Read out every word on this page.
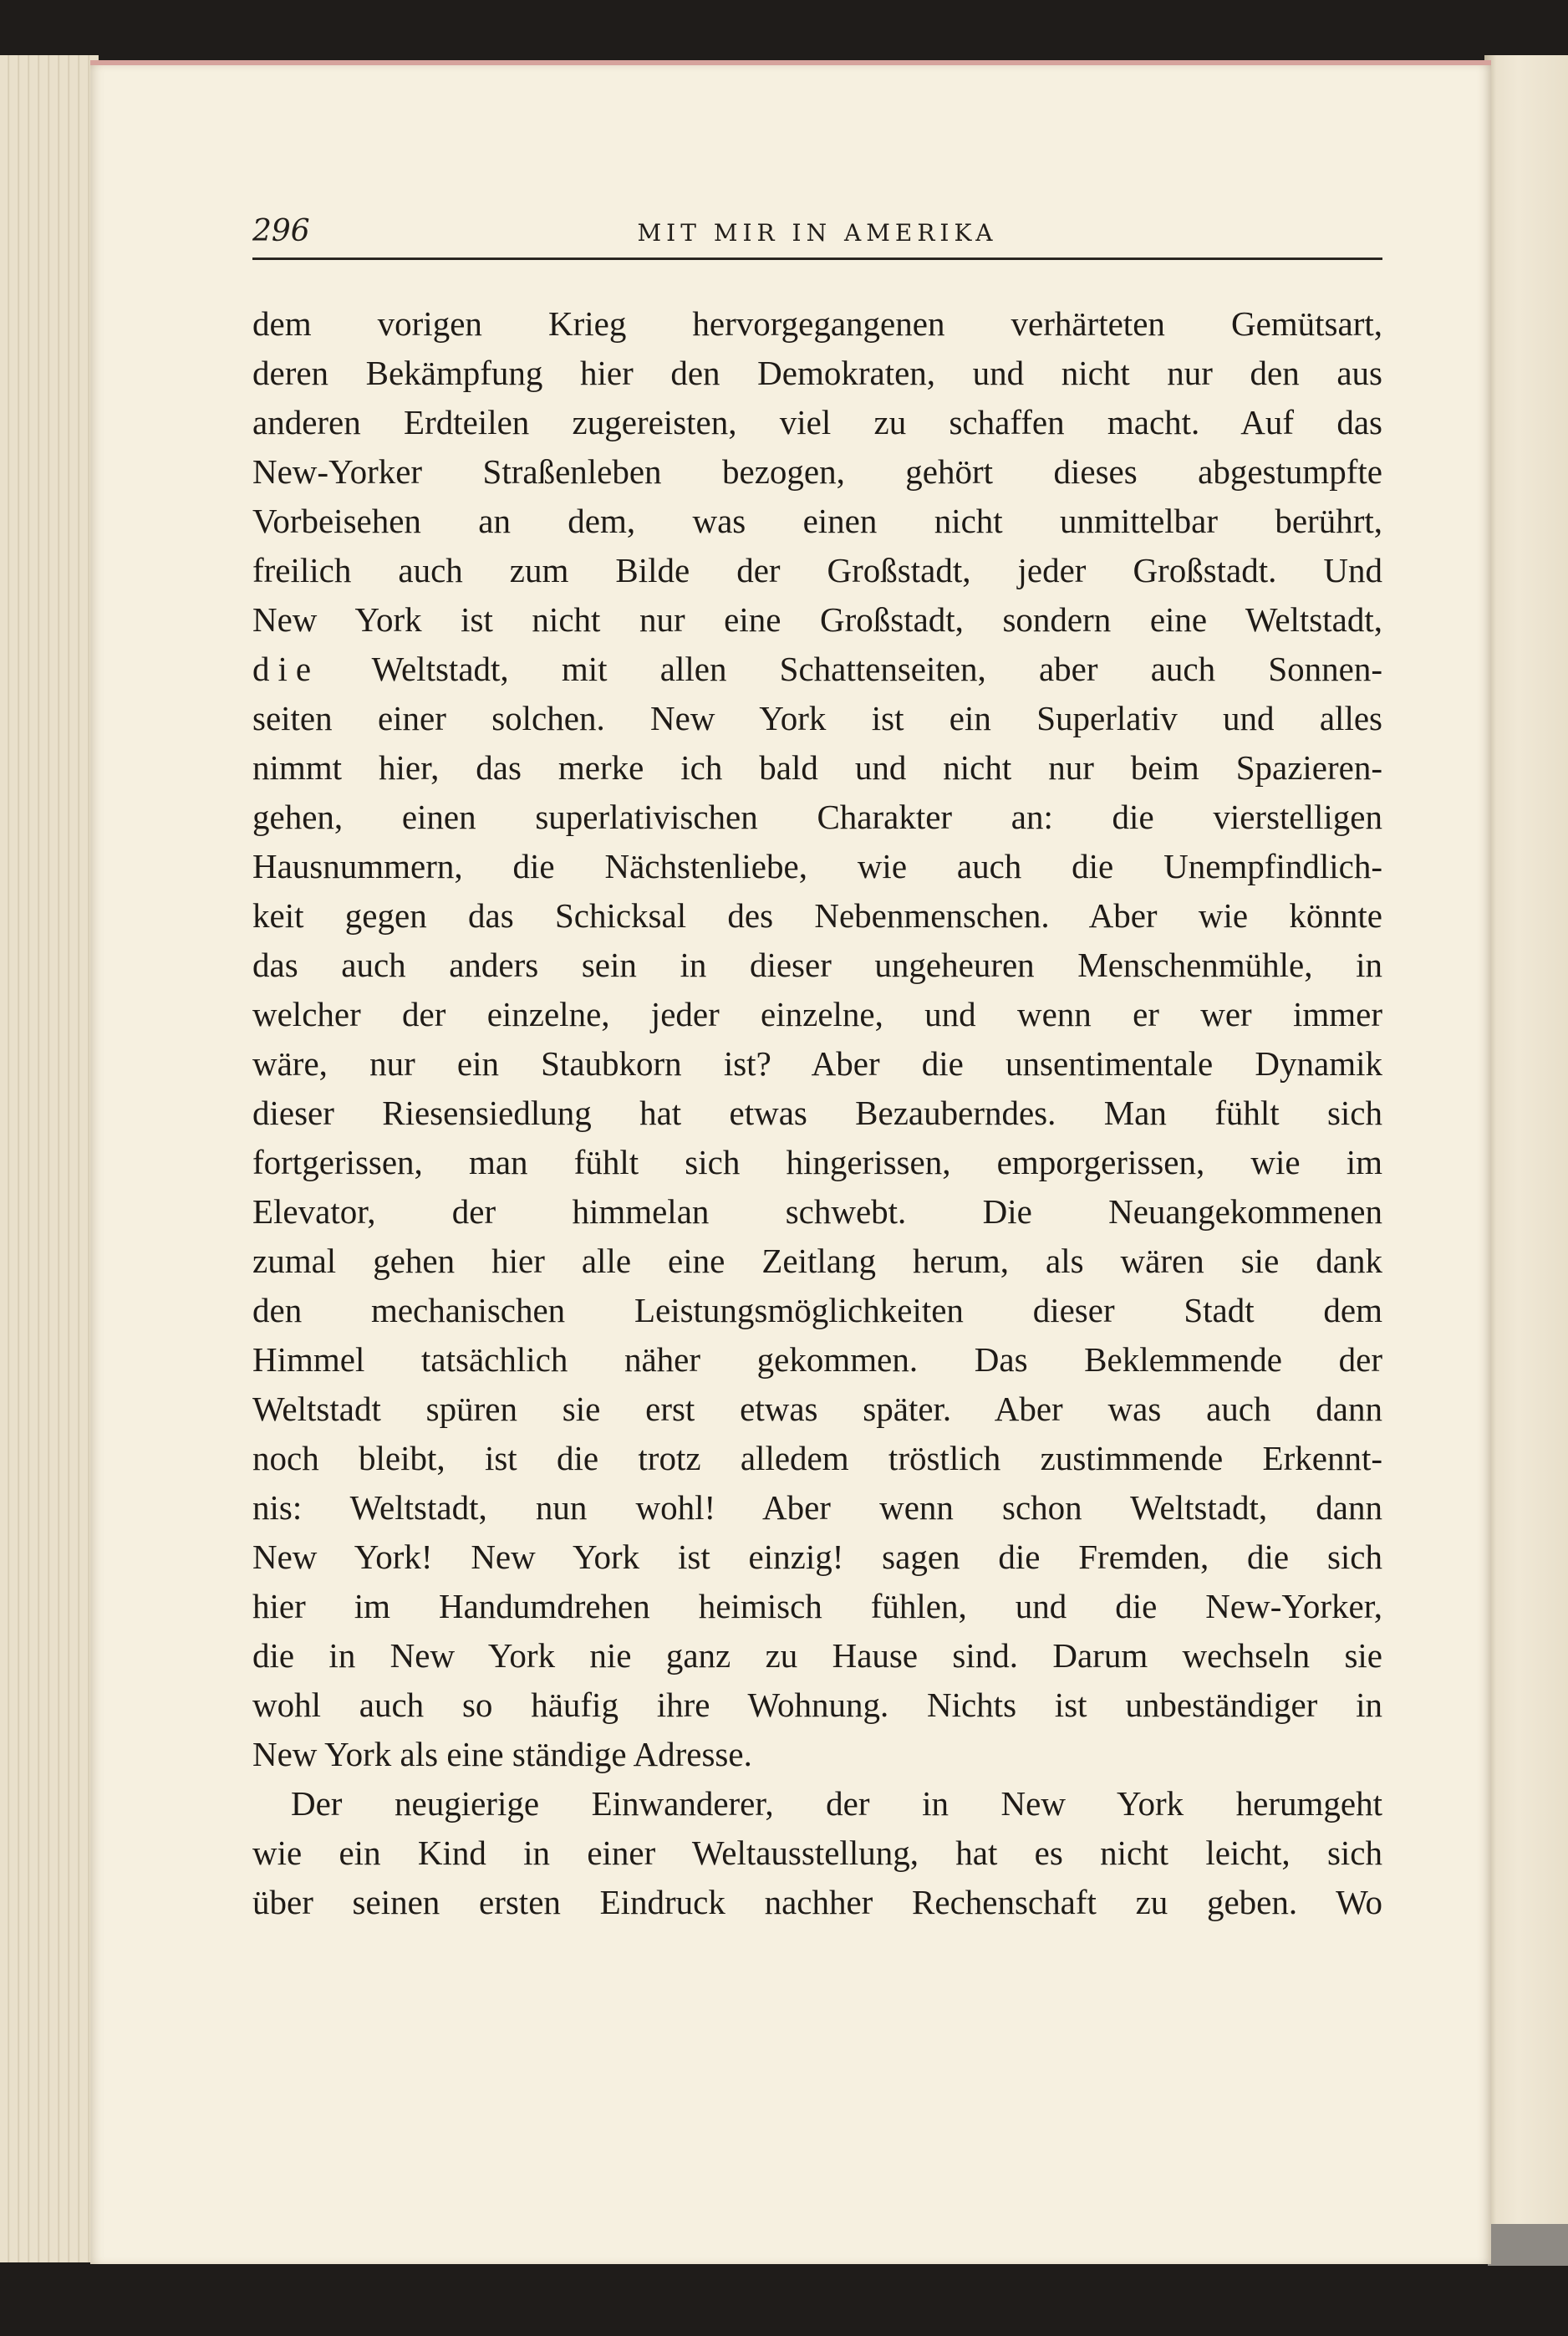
296	MIT MIR IN AMERIKA
dem vorigen Krieg hervorgegangenen verhärteten Gemütsart,
deren Bekämpfung hier den Demokraten, und nicht nur den aus
anderen Erdteilen zugereisten, viel zu schaffen macht. Auf das
New-Yorker Straßenleben bezogen, gehört dieses abgestumpfte
Vorbeisehen an dem, was einen nicht unmittelbar berührt,
freilich auch zum Bilde der Großstadt, jeder Großstadt. Und
New York ist nicht nur eine Großstadt, sondern eine Weltstadt,
die Weltstadt, mit allen Schattenseiten, aber auch Sonnen-
seiten einer solchen. New York ist ein Superlativ und alles
nimmt hier, das merke ich bald und nicht nur beim Spazieren-
gehen, einen superlativischen Charakter an: die vierstelligen
Hausnummern, die Nächstenliebe, wie auch die Unempfindlich-
keit gegen das Schicksal des Nebenmenschen. Aber wie könnte
das auch anders sein in dieser ungeheuren Menschenmühle, in
welcher der einzelne, jeder einzelne, und wenn er wer immer
wäre, nur ein Staubkorn ist? Aber die unsentimentale Dynamik
dieser Riesensiedlung hat etwas Bezauberndes. Man fühlt sich
fortgerissen, man fühlt sich hingerissen, emporgerissen, wie im
Elevator, der himmelan schwebt. Die Neuangekommenen
zumal gehen hier alle eine Zeitlang herum, als wären sie dank
den mechanischen Leistungsmöglichkeiten dieser Stadt dem
Himmel tatsächlich näher gekommen. Das Beklemmende der
Weltstadt spüren sie erst etwas später. Aber was auch dann
noch bleibt, ist die trotz alledem tröstlich zustimmende Erkennt-
nis: Weltstadt, nun wohl! Aber wenn schon Weltstadt, dann
New York! New York ist einzig! sagen die Fremden, die sich
hier im Handumdrehen heimisch fühlen, und die New-Yorker,
die in New York nie ganz zu Hause sind. Darum wechseln sie
wohl auch so häufig ihre Wohnung. Nichts ist unbeständiger in
New York als eine ständige Adresse.
Der neugierige Einwanderer, der in New York herumgeht
wie ein Kind in einer Weltausstellung, hat es nicht leicht, sich
über seinen ersten Eindruck nachher Rechenschaft zu geben. Wo
